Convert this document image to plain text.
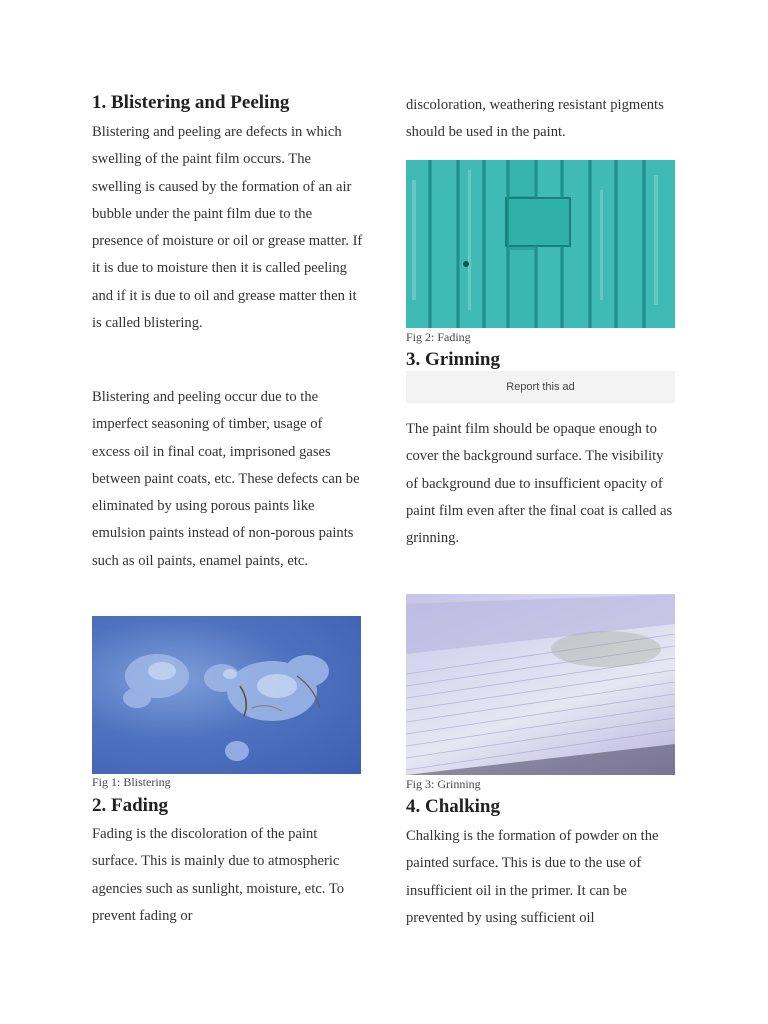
1. Blistering and Peeling

Blistering and peeling are defects in which swelling of the paint film occurs. The swelling is caused by the formation of an air bubble under the paint film due to the presence of moisture or oil or grease matter. If it is due to moisture then it is called peeling and if it is due to oil and grease matter then it is called blistering.

Blistering and peeling occur due to the imperfect seasoning of timber, usage of excess oil in final coat, imprisoned gases between paint coats, etc. These defects can be eliminated by using porous paints like emulsion paints instead of non-porous paints such as oil paints, enamel paints, etc.

Fig 1: Blistering
2. Fading

Fading is the discoloration of the paint surface. This is mainly due to atmospheric agencies such as sunlight, moisture, etc. To prevent fading or

discoloration, weathering resistant pigments should be used in the paint.

Fig 2: Fading
3. Grinning
Report this ad

The paint film should be opaque enough to cover the background surface. The visibility of background due to insufficient opacity of paint film even after the final coat is called as grinning.

Fig 3: Grinning
4. Chalking

Chalking is the formation of powder on the painted surface. This is due to the use of insufficient oil in the primer. It can be prevented by using sufficient oil
